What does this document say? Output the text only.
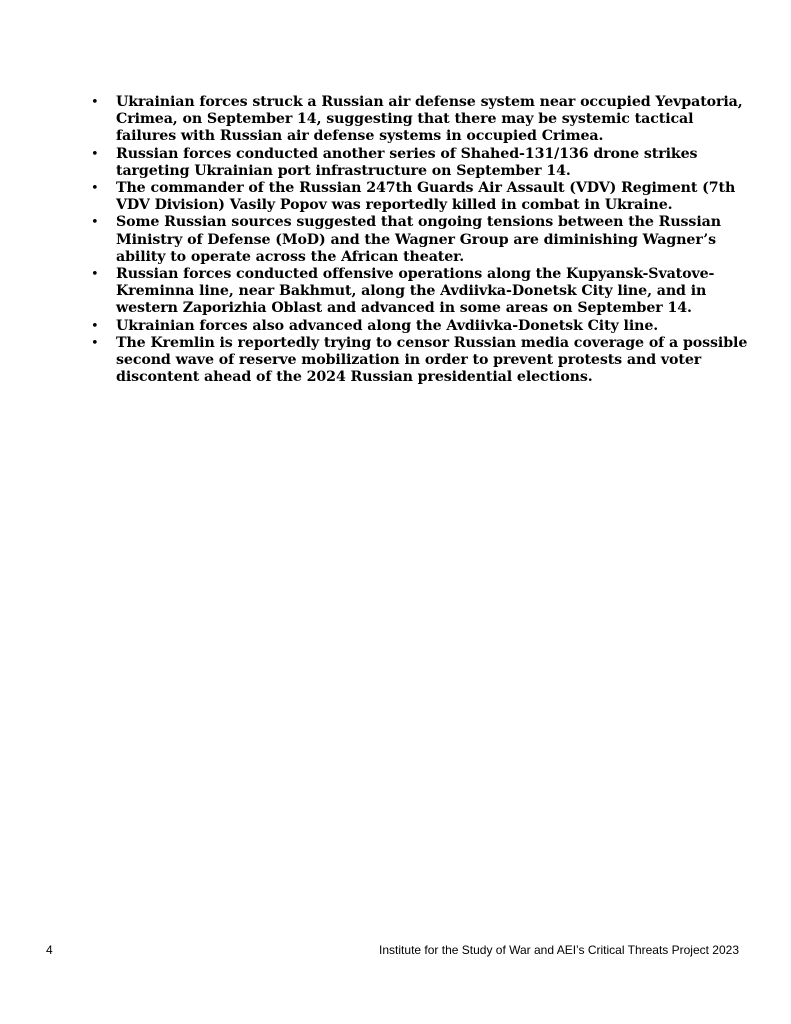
• Ukrainian forces struck a Russian air defense system near occupied Yevpatoria, Crimea, on September 14, suggesting that there may be systemic tactical failures with Russian air defense systems in occupied Crimea.
• Russian forces conducted another series of Shahed-131/136 drone strikes targeting Ukrainian port infrastructure on September 14.
• The commander of the Russian 247th Guards Air Assault (VDV) Regiment (7th VDV Division) Vasily Popov was reportedly killed in combat in Ukraine.
• Some Russian sources suggested that ongoing tensions between the Russian Ministry of Defense (MoD) and the Wagner Group are diminishing Wagner’s ability to operate across the African theater.
• Russian forces conducted offensive operations along the Kupyansk-Svatove-Kreminna line, near Bakhmut, along the Avdiivka-Donetsk City line, and in western Zaporizhia Oblast and advanced in some areas on September 14.
• Ukrainian forces also advanced along the Avdiivka-Donetsk City line.
• The Kremlin is reportedly trying to censor Russian media coverage of a possible second wave of reserve mobilization in order to prevent protests and voter discontent ahead of the 2024 Russian presidential elections.
4	Institute for the Study of War and AEI’s Critical Threats Project 2023
